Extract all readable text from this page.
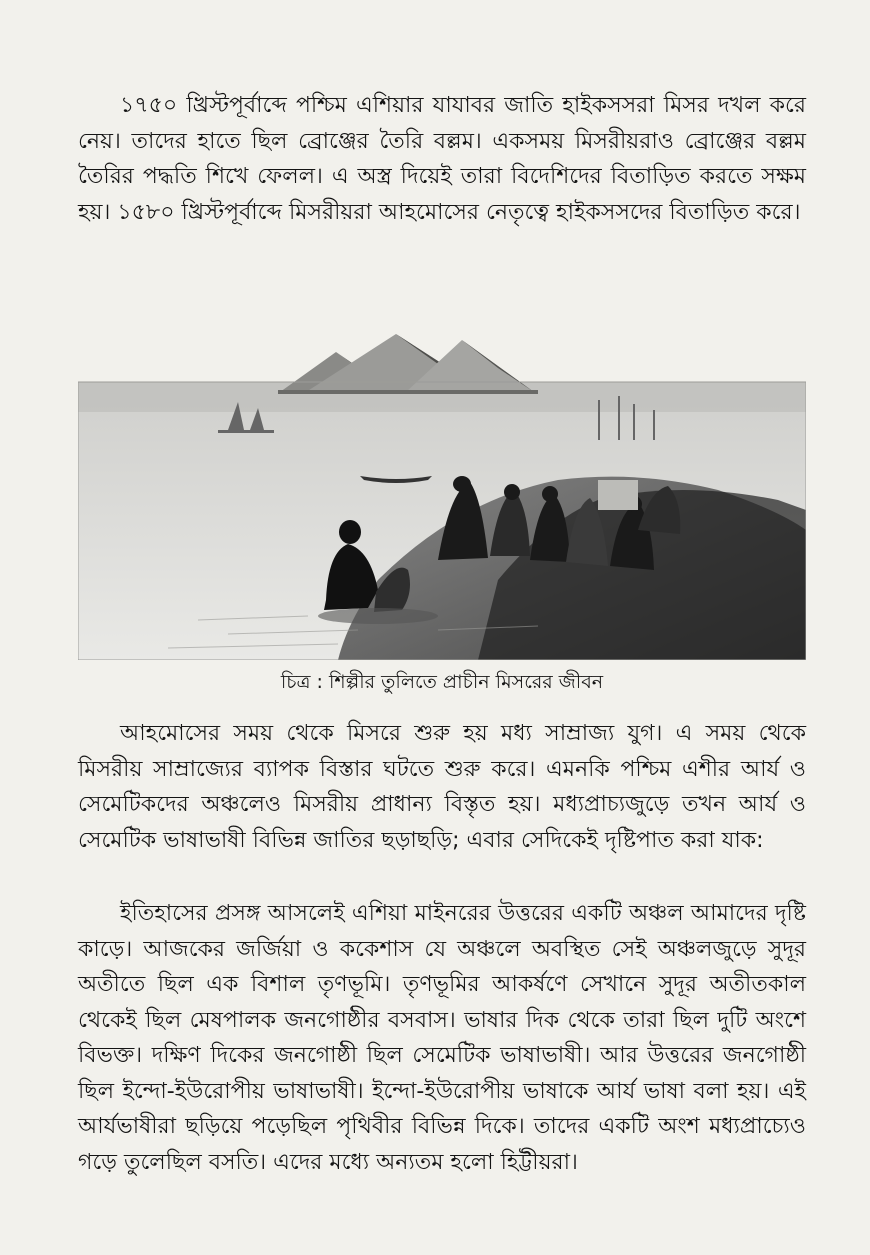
১৭৫০ খ্রিস্টপূর্বাব্দে পশ্চিম এশিয়ার যাযাবর জাতি হাইকসসরা মিসর দখল করে নেয়। তাদের হাতে ছিল ব্রোঞ্জের তৈরি বল্লম। একসময় মিসরীয়রাও ব্রোঞ্জের বল্লম তৈরির পদ্ধতি শিখে ফেলল। এ অস্ত্র দিয়েই তারা বিদেশিদের বিতাড়িত করতে সক্ষম হয়। ১৫৮০ খ্রিস্টপূর্বাব্দে মিসরীয়রা আহমোসের নেতৃত্বে হাইকসসদের বিতাড়িত করে।

চিত্র : শিল্পীর তুলিতে প্রাচীন মিসরের জীবন

আহমোসের সময় থেকে মিসরে শুরু হয় মধ্য সাম্রাজ্য যুগ। এ সময় থেকে মিসরীয় সাম্রাজ্যের ব্যাপক বিস্তার ঘটতে শুরু করে। এমনকি পশ্চিম এশীর আর্য ও সেমেটিকদের অঞ্চলেও মিসরীয় প্রাধান্য বিস্তৃত হয়। মধ্যপ্রাচ্যজুড়ে তখন আর্য ও সেমেটিক ভাষাভাষী বিভিন্ন জাতির ছড়াছড়ি; এবার সেদিকেই দৃষ্টিপাত করা যাক:

ইতিহাসের প্রসঙ্গ আসলেই এশিয়া মাইনরের উত্তরের একটি অঞ্চল আমাদের দৃষ্টি কাড়ে। আজকের জর্জিয়া ও ককেশাস যে অঞ্চলে অবস্থিত সেই অঞ্চলজুড়ে সুদূর অতীতে ছিল এক বিশাল তৃণভূমি। তৃণভূমির আকর্ষণে সেখানে সুদূর অতীতকাল থেকেই ছিল মেষপালক জনগোষ্ঠীর বসবাস। ভাষার দিক থেকে তারা ছিল দুটি অংশে বিভক্ত। দক্ষিণ দিকের জনগোষ্ঠী ছিল সেমেটিক ভাষাভাষী। আর উত্তরের জনগোষ্ঠী ছিল ইন্দো-ইউরোপীয় ভাষাভাষী। ইন্দো-ইউরোপীয় ভাষাকে আর্য ভাষা বলা হয়। এই আর্যভাষীরা ছড়িয়ে পড়েছিল পৃথিবীর বিভিন্ন দিকে। তাদের একটি অংশ মধ্যপ্রাচ্যেও গড়ে তুলেছিল বসতি। এদের মধ্যে অন্যতম হলো হিট্টীয়রা।
